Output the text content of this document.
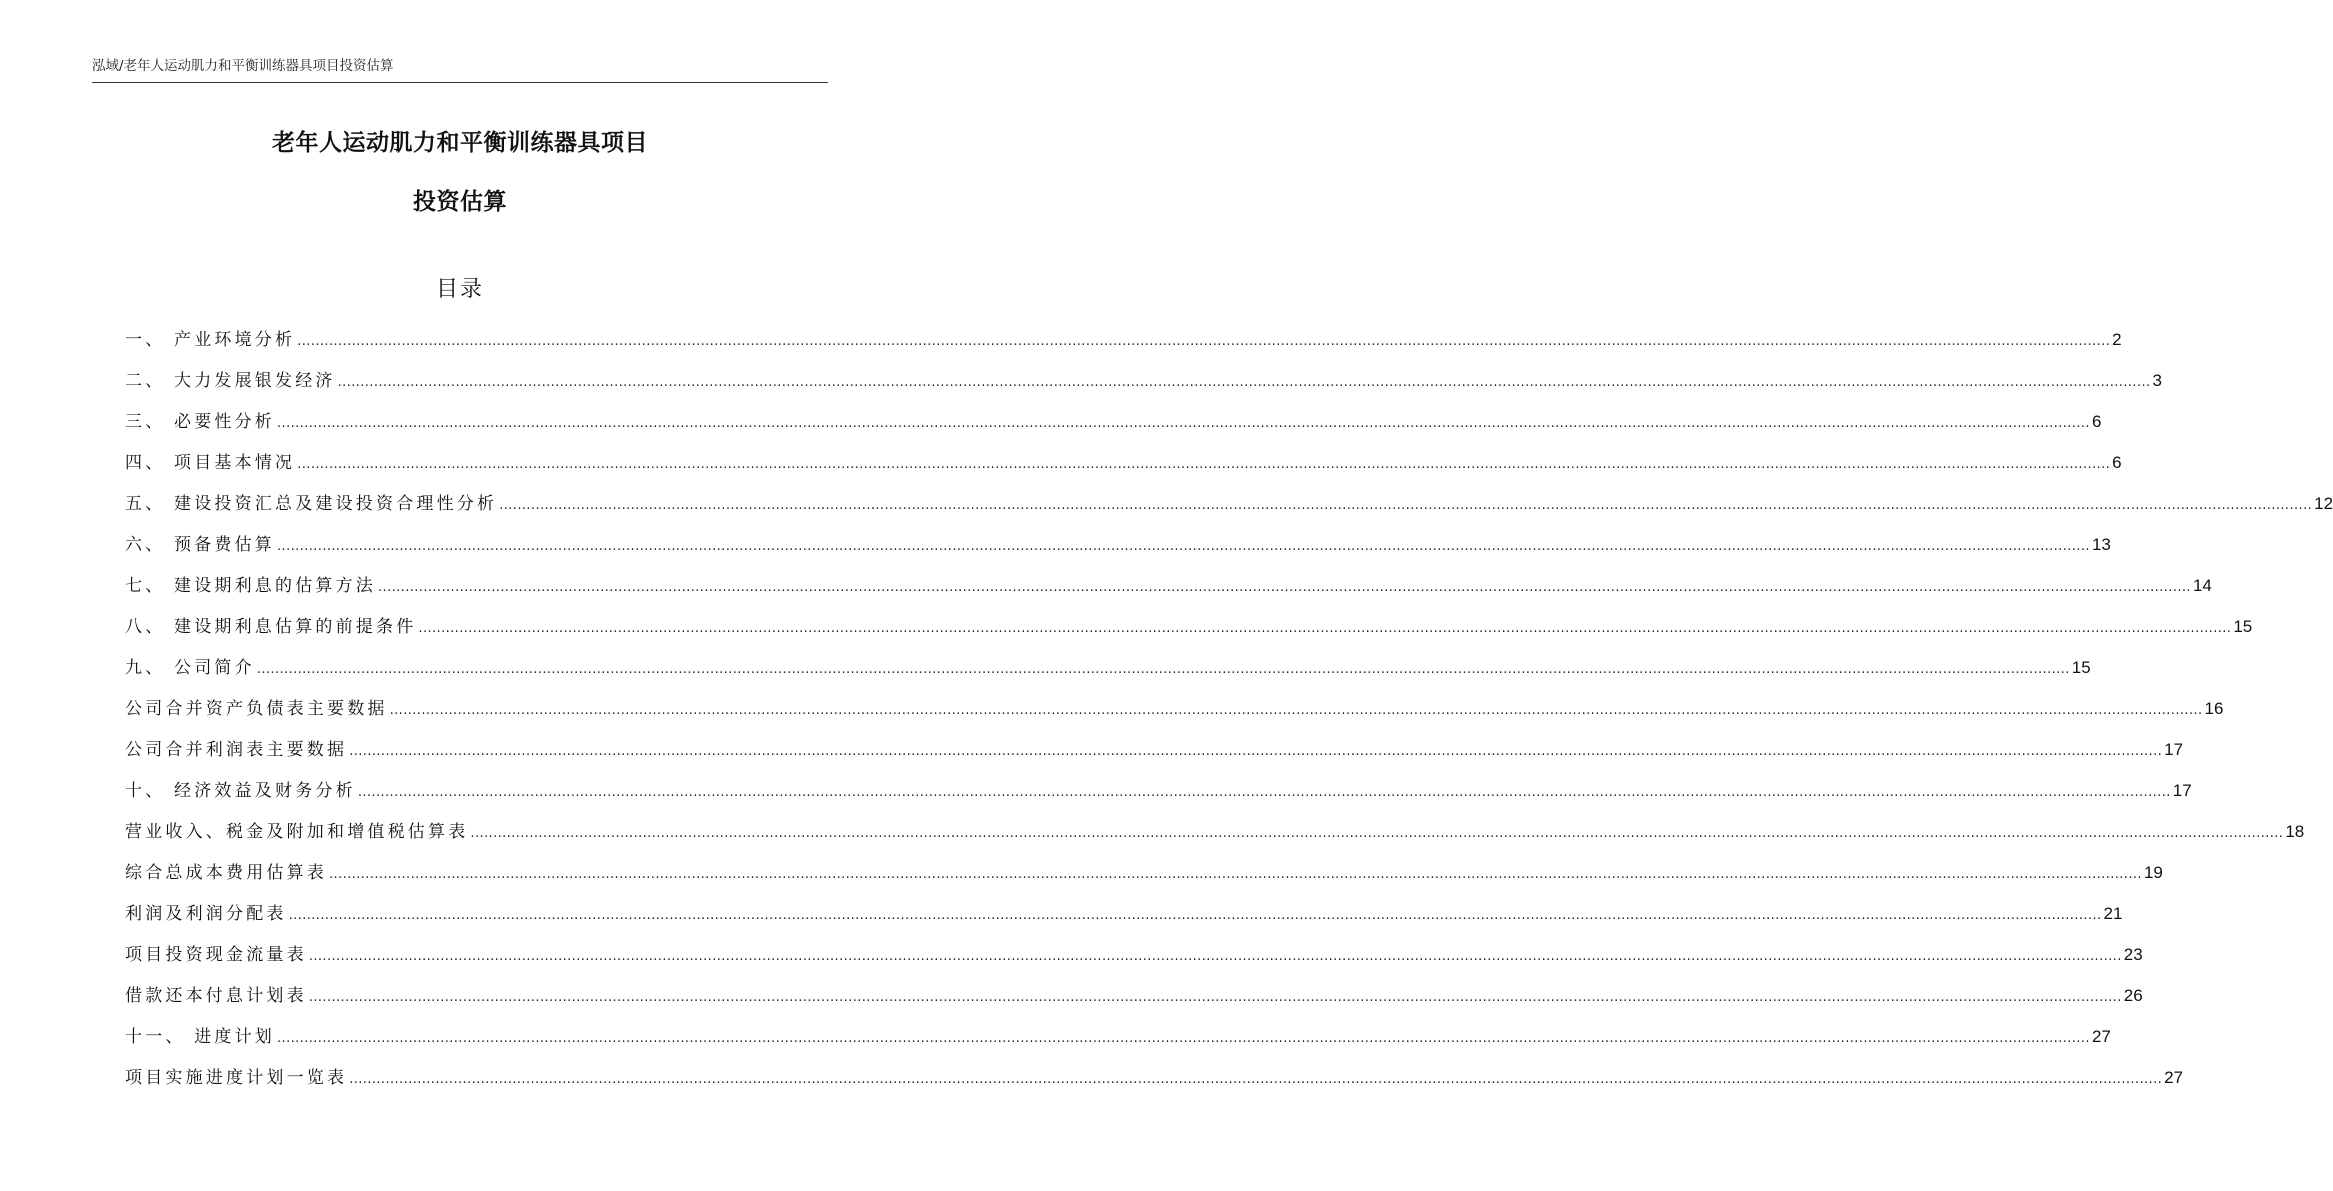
泓域/老年人运动肌力和平衡训练器具项目投资估算
老年人运动肌力和平衡训练器具项目
投资估算
目录
一、 产业环境分析 ................................................................................................................................................................................................................................................................................................................................................................................................................ 2
二、 大力发展银发经济 ................................................................................................................................................................................................................................................................................................................................................................................................................ 3
三、 必要性分析 ................................................................................................................................................................................................................................................................................................................................................................................................................ 6
四、 项目基本情况 ................................................................................................................................................................................................................................................................................................................................................................................................................ 6
五、 建设投资汇总及建设投资合理性分析 ................................................................................................................................................................................................................................................................................................................................................................................................................ 12
六、 预备费估算 ................................................................................................................................................................................................................................................................................................................................................................................................................ 13
七、 建设期利息的估算方法 ................................................................................................................................................................................................................................................................................................................................................................................................................ 14
八、 建设期利息估算的前提条件 ................................................................................................................................................................................................................................................................................................................................................................................................................ 15
九、 公司简介 ................................................................................................................................................................................................................................................................................................................................................................................................................ 15
公司合并资产负债表主要数据 ................................................................................................................................................................................................................................................................................................................................................................................................................ 16
公司合并利润表主要数据 ................................................................................................................................................................................................................................................................................................................................................................................................................ 17
十、 经济效益及财务分析 ................................................................................................................................................................................................................................................................................................................................................................................................................ 17
营业收入、税金及附加和增值税估算表 ................................................................................................................................................................................................................................................................................................................................................................................................................ 18
综合总成本费用估算表 ................................................................................................................................................................................................................................................................................................................................................................................................................ 19
利润及利润分配表 ................................................................................................................................................................................................................................................................................................................................................................................................................ 21
项目投资现金流量表 ................................................................................................................................................................................................................................................................................................................................................................................................................ 23
借款还本付息计划表 ................................................................................................................................................................................................................................................................................................................................................................................................................ 26
十一、 进度计划 ................................................................................................................................................................................................................................................................................................................................................................................................................ 27
项目实施进度计划一览表 ................................................................................................................................................................................................................................................................................................................................................................................................................ 27
